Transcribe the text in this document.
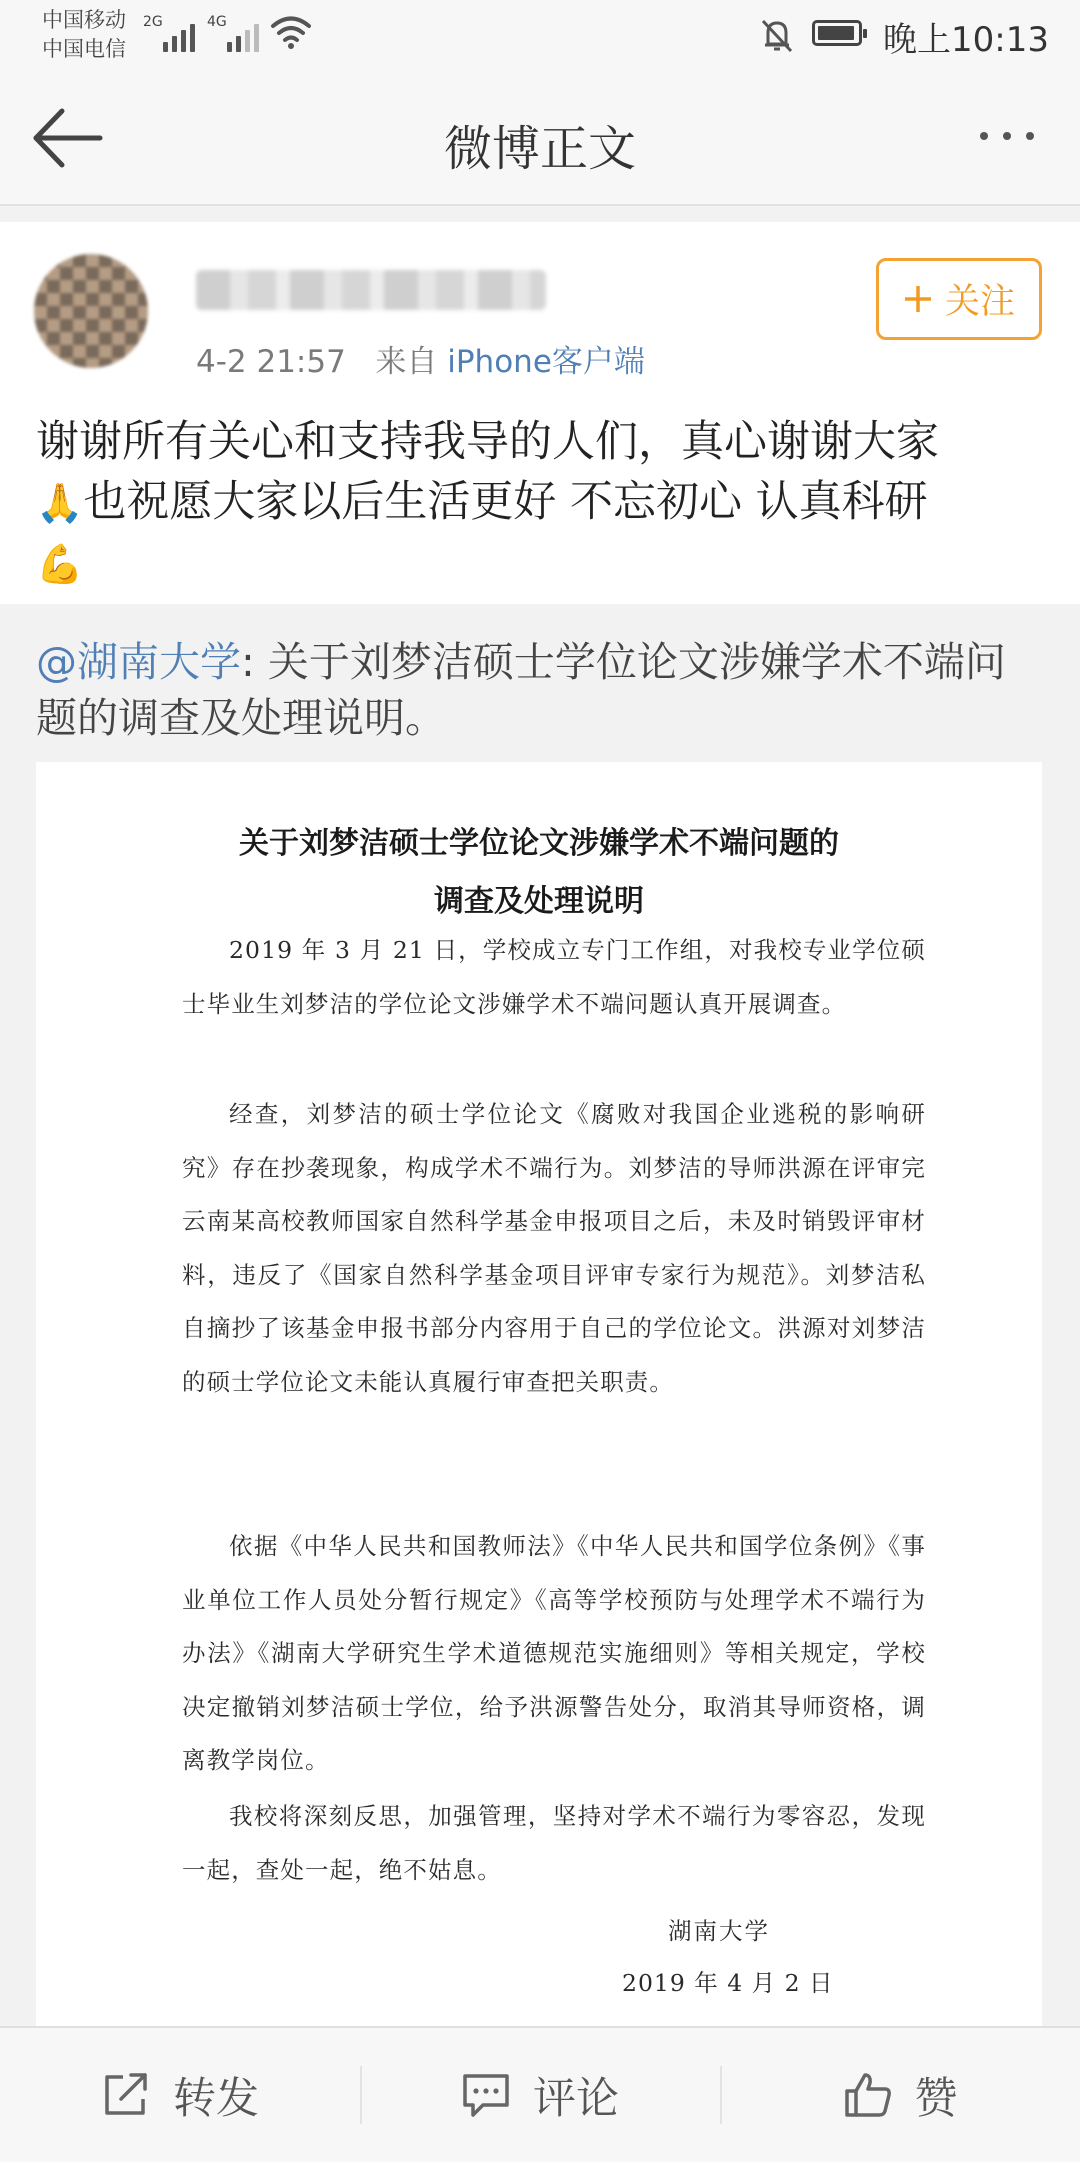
中国移动
中国电信
2G	4G	晚上10:13
微博正文
4-2 21:57 来自 iPhone客户端
关注
谢谢所有关心和支持我导的人们，真心谢谢大家
🙏也祝愿大家以后生活更好 不忘初心 认真科研
💪
@湖南大学: 关于刘梦洁硕士学位论文涉嫌学术不端问题的调查及处理说明。
关于刘梦洁硕士学位论文涉嫌学术不端问题的
调查及处理说明
2019 年 3 月 21 日，学校成立专门工作组，对我校专业学位硕士毕业生刘梦洁的学位论文涉嫌学术不端问题认真开展调查。
经查，刘梦洁的硕士学位论文《腐败对我国企业逃税的影响研究》存在抄袭现象，构成学术不端行为。刘梦洁的导师洪源在评审完云南某高校教师国家自然科学基金申报项目之后，未及时销毁评审材料，违反了《国家自然科学基金项目评审专家行为规范》。刘梦洁私自摘抄了该基金申报书部分内容用于自己的学位论文。洪源对刘梦洁的硕士学位论文未能认真履行审查把关职责。
依据《中华人民共和国教师法》《中华人民共和国学位条例》《事业单位工作人员处分暂行规定》《高等学校预防与处理学术不端行为办法》《湖南大学研究生学术道德规范实施细则》等相关规定，学校决定撤销刘梦洁硕士学位，给予洪源警告处分，取消其导师资格，调离教学岗位。
我校将深刻反思，加强管理，坚持对学术不端行为零容忍，发现一起，查处一起，绝不姑息。
湖南大学
2019 年 4 月 2 日
转发	评论	赞
